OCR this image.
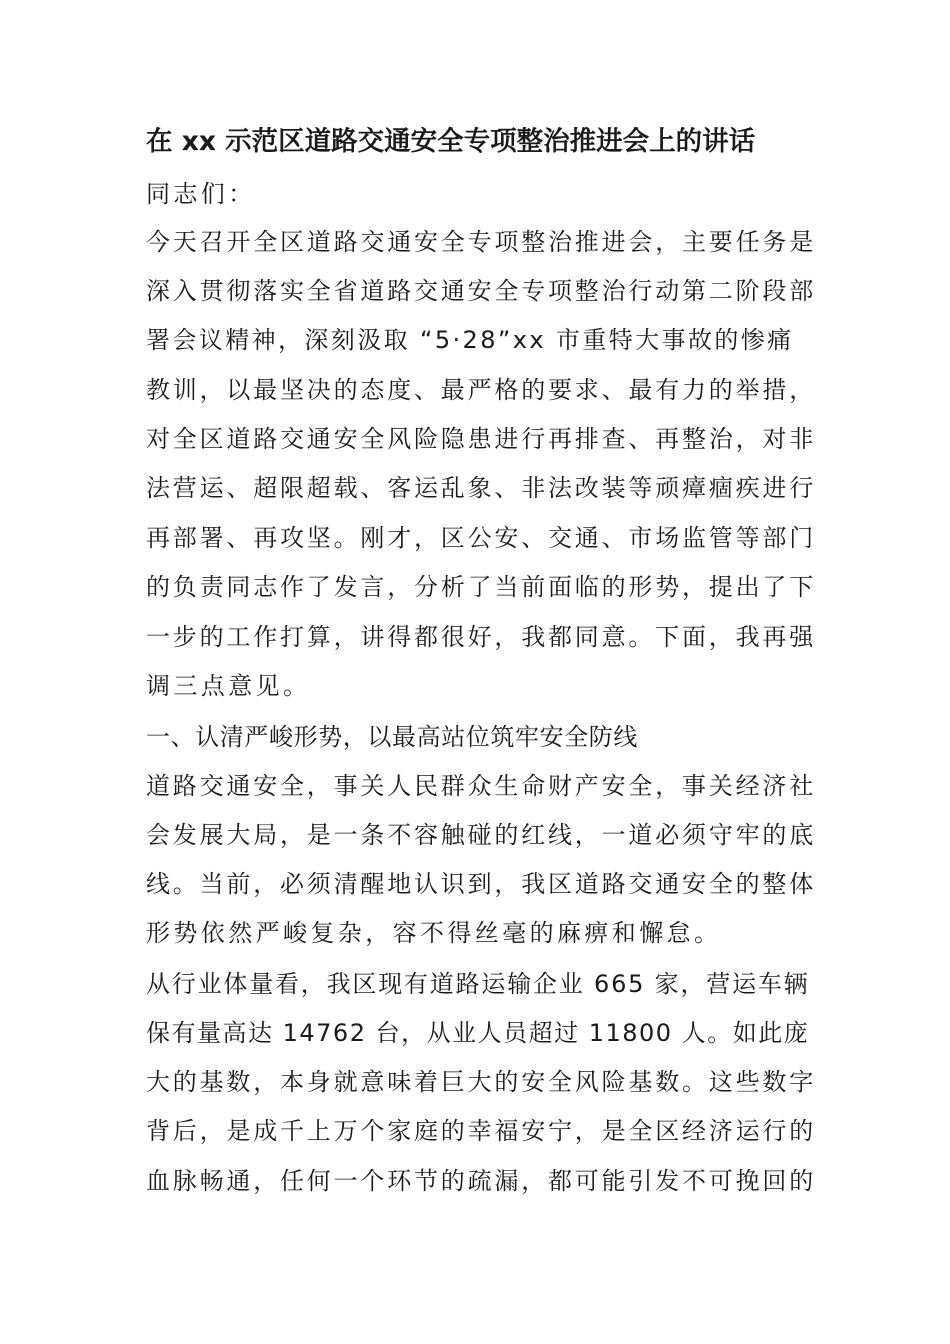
在 xx 示范区道路交通安全专项整治推进会上的讲话

同志们：

今天召开全区道路交通安全专项整治推进会，主要任务是

深入贯彻落实全省道路交通安全专项整治行动第二阶段部

署会议精神，深刻汲取 “5·28”xx 市重特大事故的惨痛

教训，以最坚决的态度、最严格的要求、最有力的举措，

对全区道路交通安全风险隐患进行再排查、再整治，对非

法营运、超限超载、客运乱象、非法改装等顽瘴痼疾进行

再部署、再攻坚。刚才，区公安、交通、市场监管等部门

的负责同志作了发言，分析了当前面临的形势，提出了下

一步的工作打算，讲得都很好，我都同意。下面，我再强

调三点意见。

一、认清严峻形势，以最高站位筑牢安全防线

道路交通安全，事关人民群众生命财产安全，事关经济社

会发展大局，是一条不容触碰的红线，一道必须守牢的底

线。当前，必须清醒地认识到，我区道路交通安全的整体

形势依然严峻复杂，容不得丝毫的麻痹和懈怠。

从行业体量看，我区现有道路运输企业 665 家，营运车辆

保有量高达 14762 台，从业人员超过 11800 人。如此庞

大的基数，本身就意味着巨大的安全风险基数。这些数字

背后，是成千上万个家庭的幸福安宁，是全区经济运行的

血脉畅通，任何一个环节的疏漏，都可能引发不可挽回的
